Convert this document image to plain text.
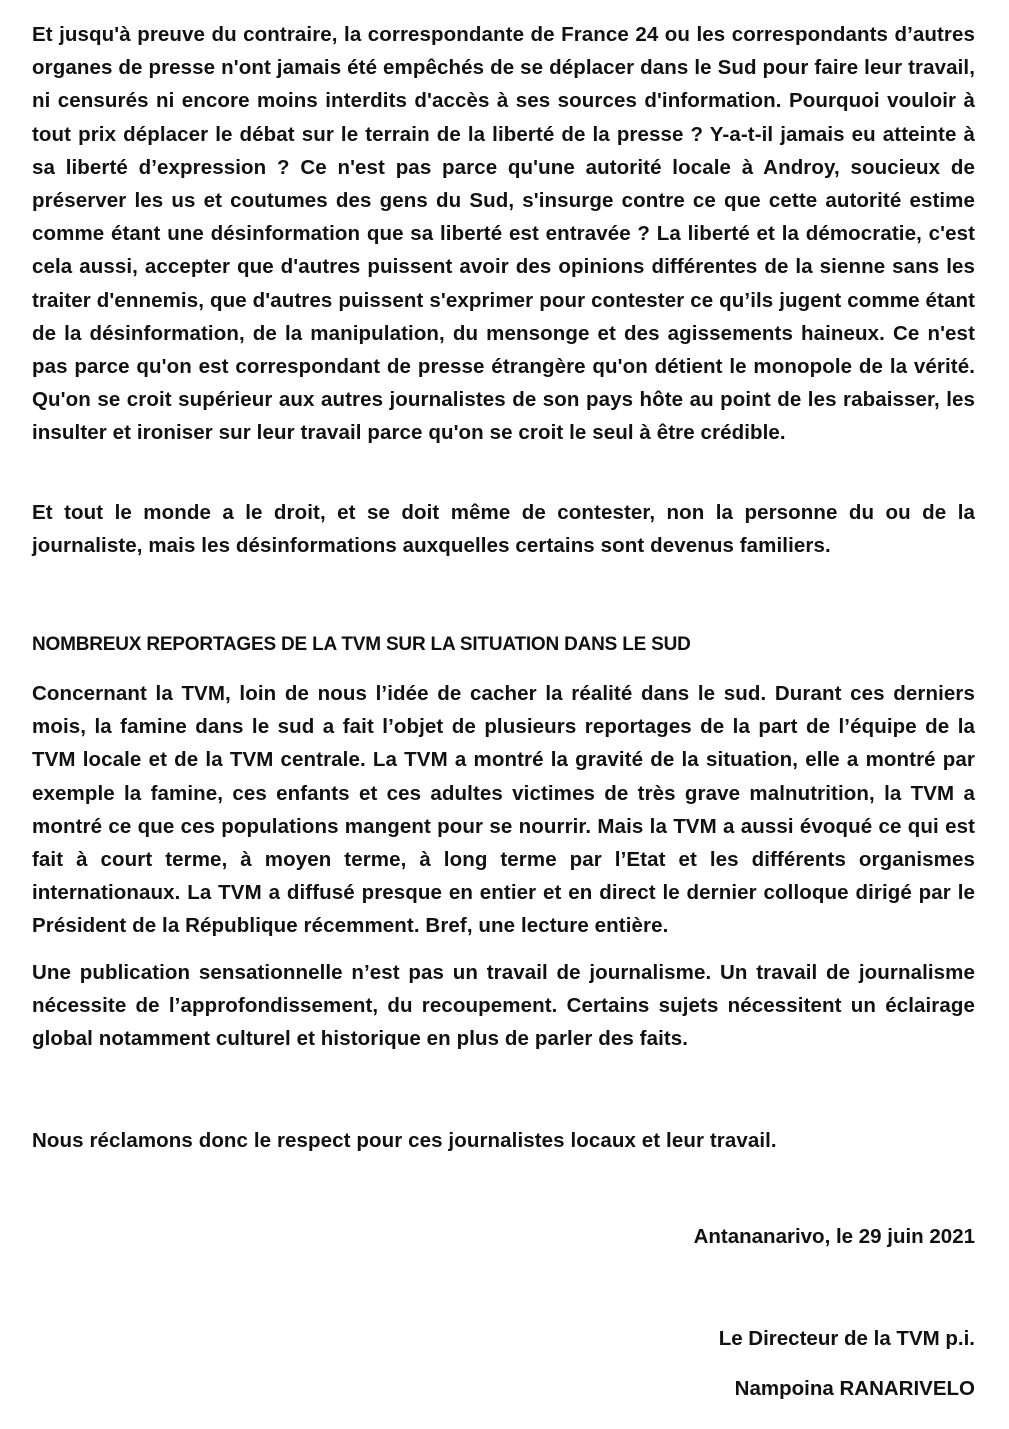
Et jusqu'à preuve du contraire, la correspondante de France 24 ou les correspondants d’autres organes de presse n'ont jamais été empêchés de se déplacer dans le Sud pour faire leur travail, ni censurés ni encore moins interdits d'accès à ses sources d'information. Pourquoi vouloir à tout prix déplacer le débat sur le terrain de la liberté de la presse ? Y-a-t-il jamais eu atteinte à sa liberté d’expression ? Ce n'est pas parce qu'une autorité locale à Androy, soucieux de préserver les us et coutumes des gens du Sud, s'insurge contre ce que cette autorité estime comme étant une désinformation que sa liberté est entravée ? La liberté et la démocratie, c'est cela aussi, accepter que d'autres puissent avoir des opinions différentes de la sienne sans les traiter d'ennemis, que d'autres puissent s'exprimer pour contester ce qu’ils jugent comme étant de la désinformation, de la manipulation, du mensonge et des agissements haineux. Ce n'est pas parce qu'on est correspondant de presse étrangère qu'on détient le monopole de la vérité. Qu'on se croit supérieur aux autres journalistes de son pays hôte au point de les rabaisser, les insulter et ironiser sur leur travail parce qu'on se croit le seul à être crédible.

Et tout le monde a le droit, et se doit même de contester, non la personne du ou de la journaliste, mais les désinformations auxquelles certains sont devenus familiers.

NOMBREUX REPORTAGES DE LA TVM SUR LA SITUATION DANS LE SUD

Concernant la TVM, loin de nous l’idée de cacher la réalité dans le sud. Durant ces derniers mois, la famine dans le sud a fait l’objet de plusieurs reportages de la part de l’équipe de la TVM locale et de la TVM centrale. La TVM a montré la gravité de la situation, elle a montré par exemple la famine, ces enfants et ces adultes victimes de très grave malnutrition, la TVM a montré ce que ces populations mangent pour se nourrir. Mais la TVM a aussi évoqué ce qui est fait à court terme, à moyen terme, à long terme par l’Etat et les différents organismes internationaux. La TVM a diffusé presque en entier et en direct le dernier colloque dirigé par le Président de la République récemment. Bref, une lecture entière.

Une publication sensationnelle n’est pas un travail de journalisme. Un travail de journalisme nécessite de l’approfondissement, du recoupement. Certains sujets nécessitent un éclairage global notamment culturel et historique en plus de parler des faits.

Nous réclamons donc le respect pour ces journalistes locaux et leur travail.

Antananarivo, le 29 juin 2021

Le Directeur de la TVM p.i.

Nampoina RANARIVELO
